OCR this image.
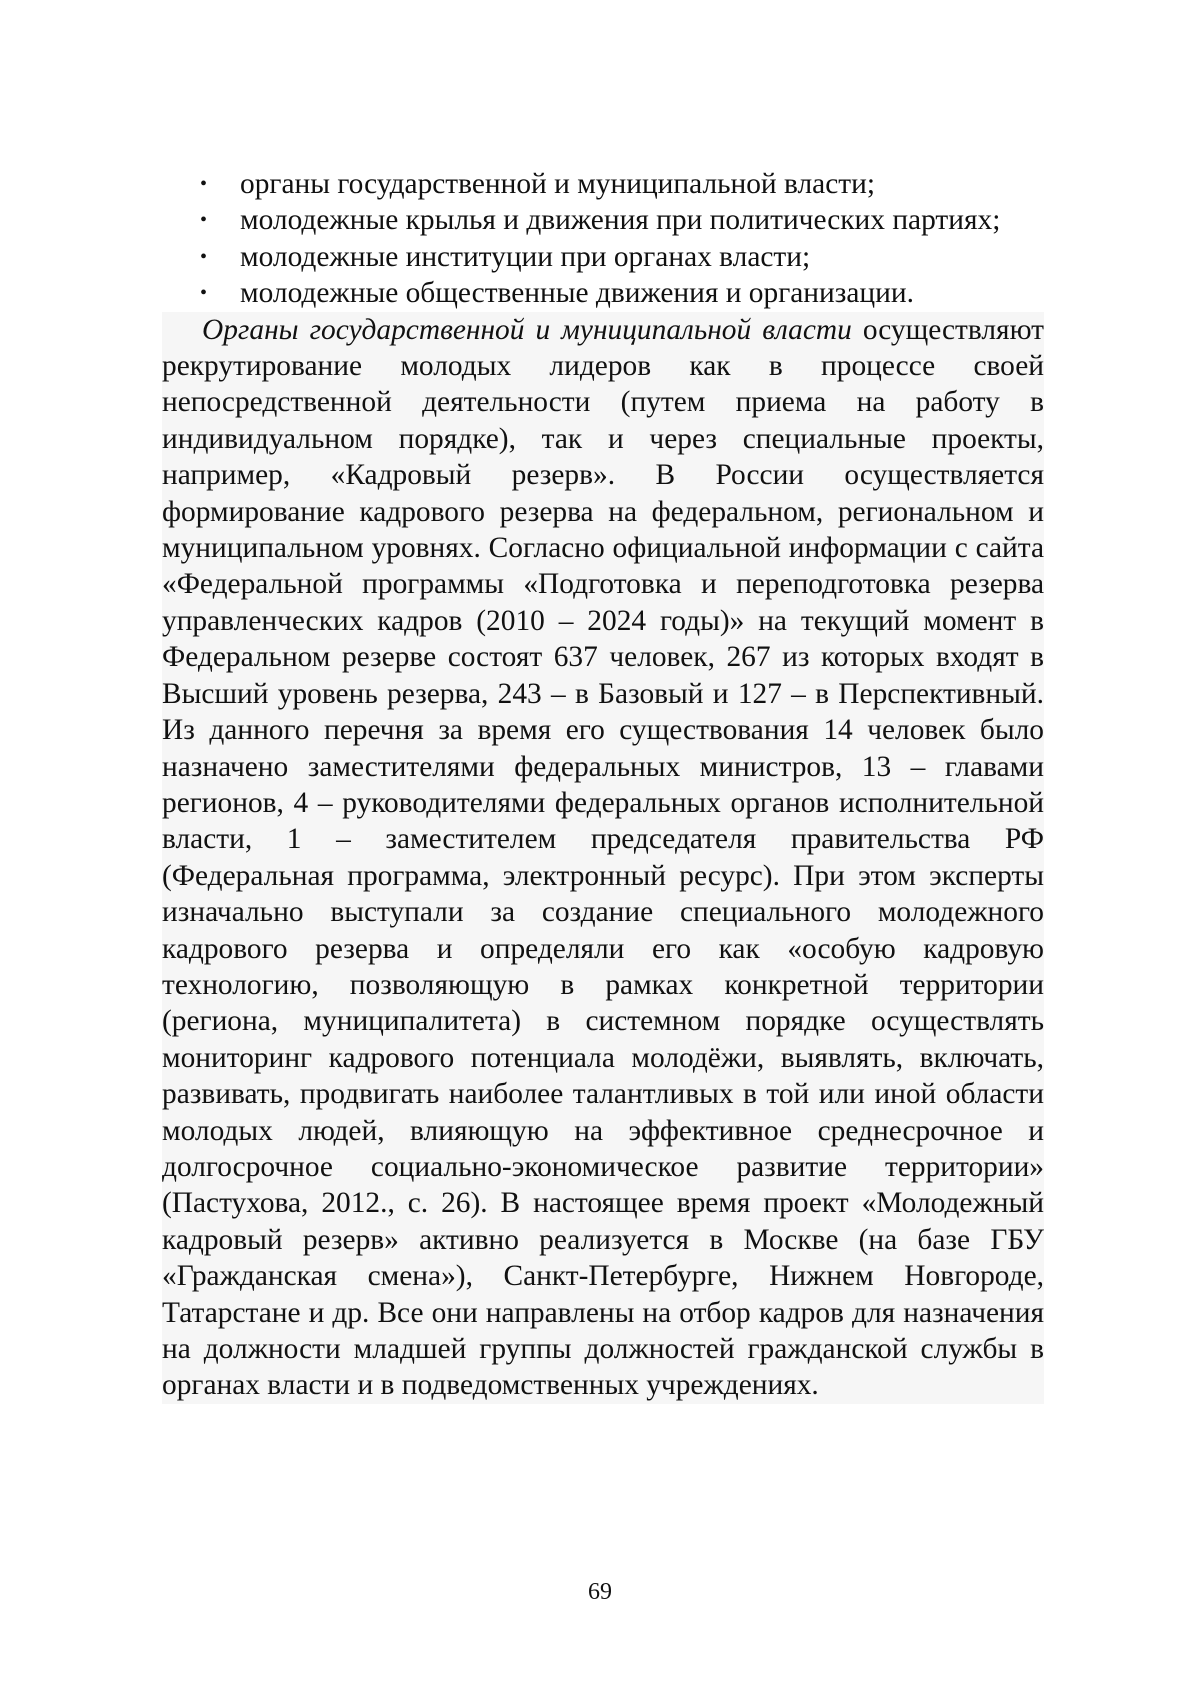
• органы государственной и муниципальной власти;
• молодежные крылья и движения при политических партиях;
• молодежные институции при органах власти;
• молодежные общественные движения и организации.

Органы государственной и муниципальной власти осуществляют рекрутирование молодых лидеров как в процессе своей непосредственной деятельности (путем приема на работу в индивидуальном порядке), так и через специальные проекты, например, «Кадровый резерв». В России осуществляется формирование кадрового резерва на федеральном, региональном и муниципальном уровнях. Согласно официальной информации с сайта «Федеральной программы «Подготовка и переподготовка резерва управленческих кадров (2010 – 2024 годы)» на текущий момент в Федеральном резерве состоят 637 человек, 267 из которых входят в Высший уровень резерва, 243 – в Базовый и 127 – в Перспективный. Из данного перечня за время его существования 14 человек было назначено заместителями федеральных министров, 13 – главами регионов, 4 – руководителями федеральных органов исполнительной власти, 1 – заместителем председателя правительства РФ (Федеральная программа, электронный ресурс). При этом эксперты изначально выступали за создание специального молодежного кадрового резерва и определяли его как «особую кадровую технологию, позволяющую в рамках конкретной территории (региона, муниципалитета) в системном порядке осуществлять мониторинг кадрового потенциала молодёжи, выявлять, включать, развивать, продвигать наиболее талантливых в той или иной области молодых людей, влияющую на эффективное среднесрочное и долгосрочное социально-экономическое развитие территории» (Пастухова, 2012., с. 26). В настоящее время проект «Молодежный кадровый резерв» активно реализуется в Москве (на базе ГБУ «Гражданская смена»), Санкт-Петербурге, Нижнем Новгороде, Татарстане и др. Все они направлены на отбор кадров для назначения на должности младшей группы должностей гражданской службы в органах власти и в подведомственных учреждениях.

69
